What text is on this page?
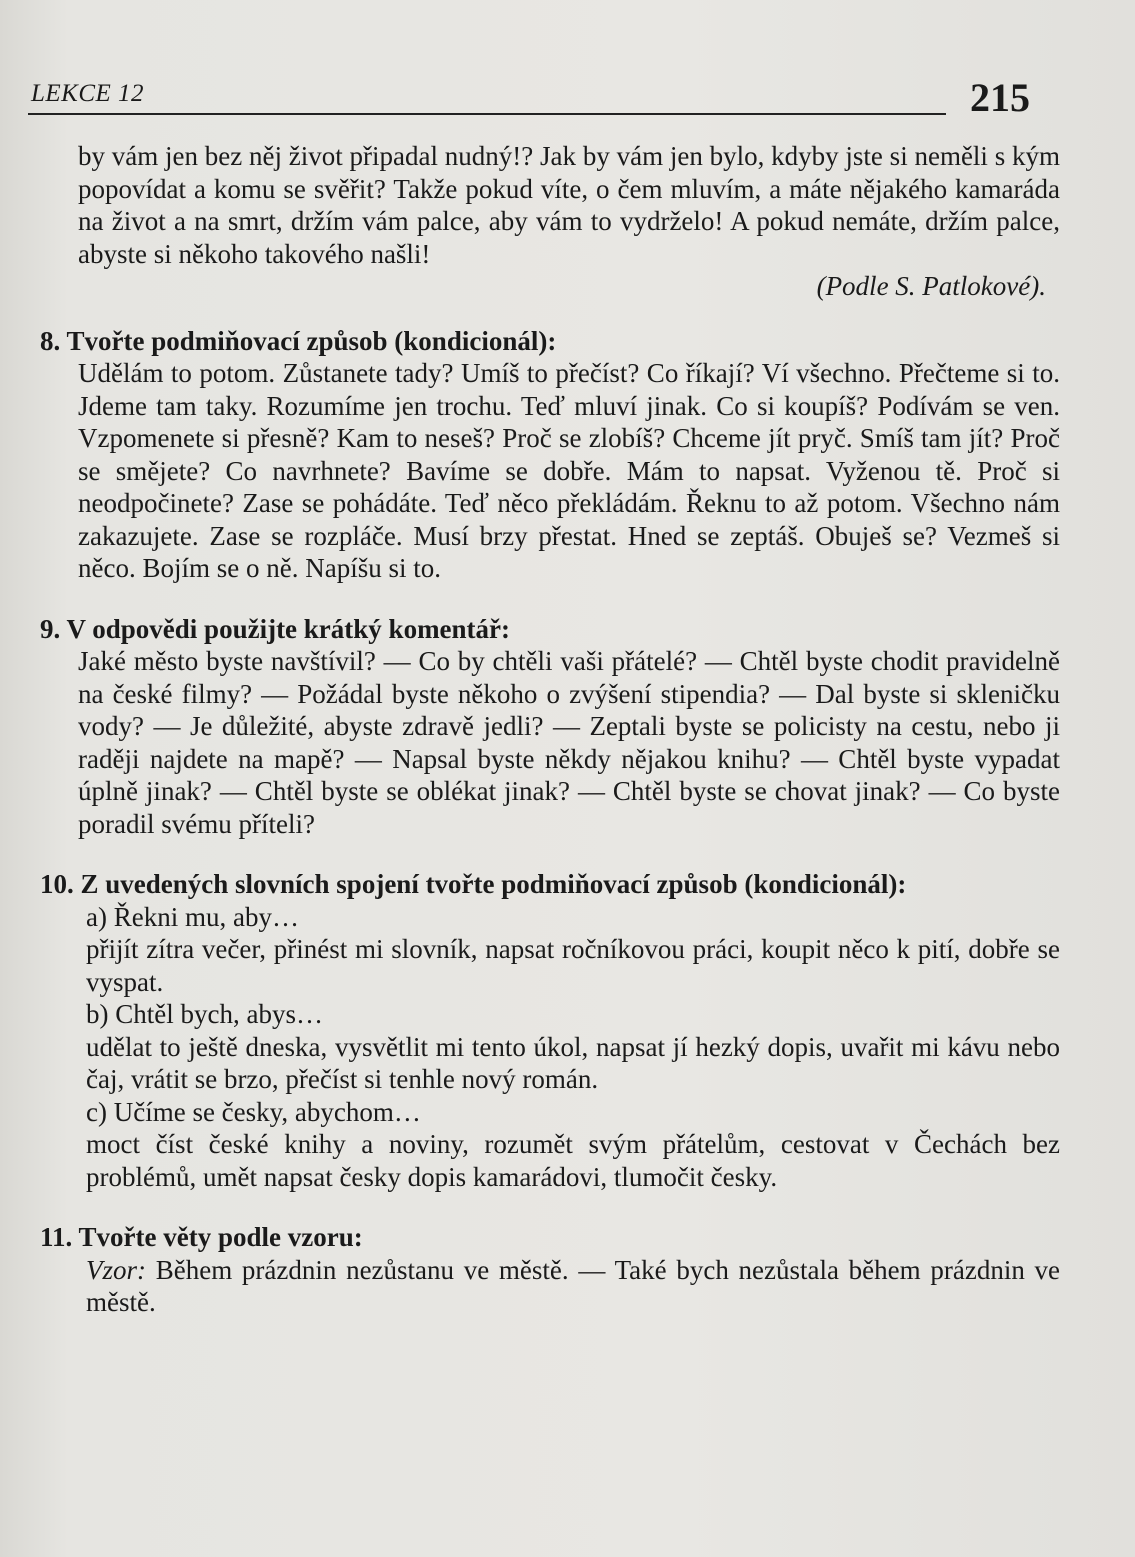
LEKCE 12	215

by vám jen bez něj život připadal nudný!? Jak by vám jen bylo, kdyby jste si neměli s kým popovídat a komu se svěřit? Takže pokud víte, o čem mluvím, a máte nějakého kamaráda na život a na smrt, držím vám palce, aby vám to vydrželo! A pokud nemáte, držím palce, abyste si někoho takového našli!

(Podle S. Patlokové).

8. Tvořte podmiňovací způsob (kondicionál):

Udělám to potom. Zůstanete tady? Umíš to přečíst? Co říkají? Ví všechno. Přečteme si to. Jdeme tam taky. Rozumíme jen trochu. Teď mluví jinak. Co si koupíš? Podívám se ven. Vzpomenete si přesně? Kam to neseš? Proč se zlobíš? Chceme jít pryč. Smíš tam jít? Proč se smějete? Co navrhnete? Bavíme se dobře. Mám to napsat. Vyženou tě. Proč si neodpočinete? Zase se pohádáte. Teď něco překládám. Řeknu to až potom. Všechno nám zakazujete. Zase se rozpláče. Musí brzy přestat. Hned se zeptáš. Obuješ se? Vezmeš si něco. Bojím se o ně. Napíšu si to.

9. V odpovědi použijte krátký komentář:

Jaké město byste navštívil? — Co by chtěli vaši přátelé? — Chtěl byste chodit pravidelně na české filmy? — Požádal byste někoho o zvýšení stipendia? — Dal byste si skleničku vody? — Je důležité, abyste zdravě jedli? — Zeptali byste se policisty na cestu, nebo ji raději najdete na mapě? — Napsal byste někdy nějakou knihu? — Chtěl byste vypadat úplně jinak? — Chtěl byste se oblékat jinak? — Chtěl byste se chovat jinak? — Co byste poradil svému příteli?

10. Z uvedených slovních spojení tvořte podmiňovací způsob (kondicionál):

a) Řekni mu, aby…

přijít zítra večer, přinést mi slovník, napsat ročníkovou práci, koupit něco k pití, dobře se vyspat.

b) Chtěl bych, abys…

udělat to ještě dneska, vysvětlit mi tento úkol, napsat jí hezký dopis, uvařit mi kávu nebo čaj, vrátit se brzo, přečíst si tenhle nový román.

c) Učíme se česky, abychom…

moct číst české knihy a noviny, rozumět svým přátelům, cestovat v Čechách bez problémů, umět napsat česky dopis kamarádovi, tlumočit česky.

11. Tvořte věty podle vzoru:

Vzor: Během prázdnin nezůstanu ve městě. — Také bych nezůstala během prázdnin ve městě.
